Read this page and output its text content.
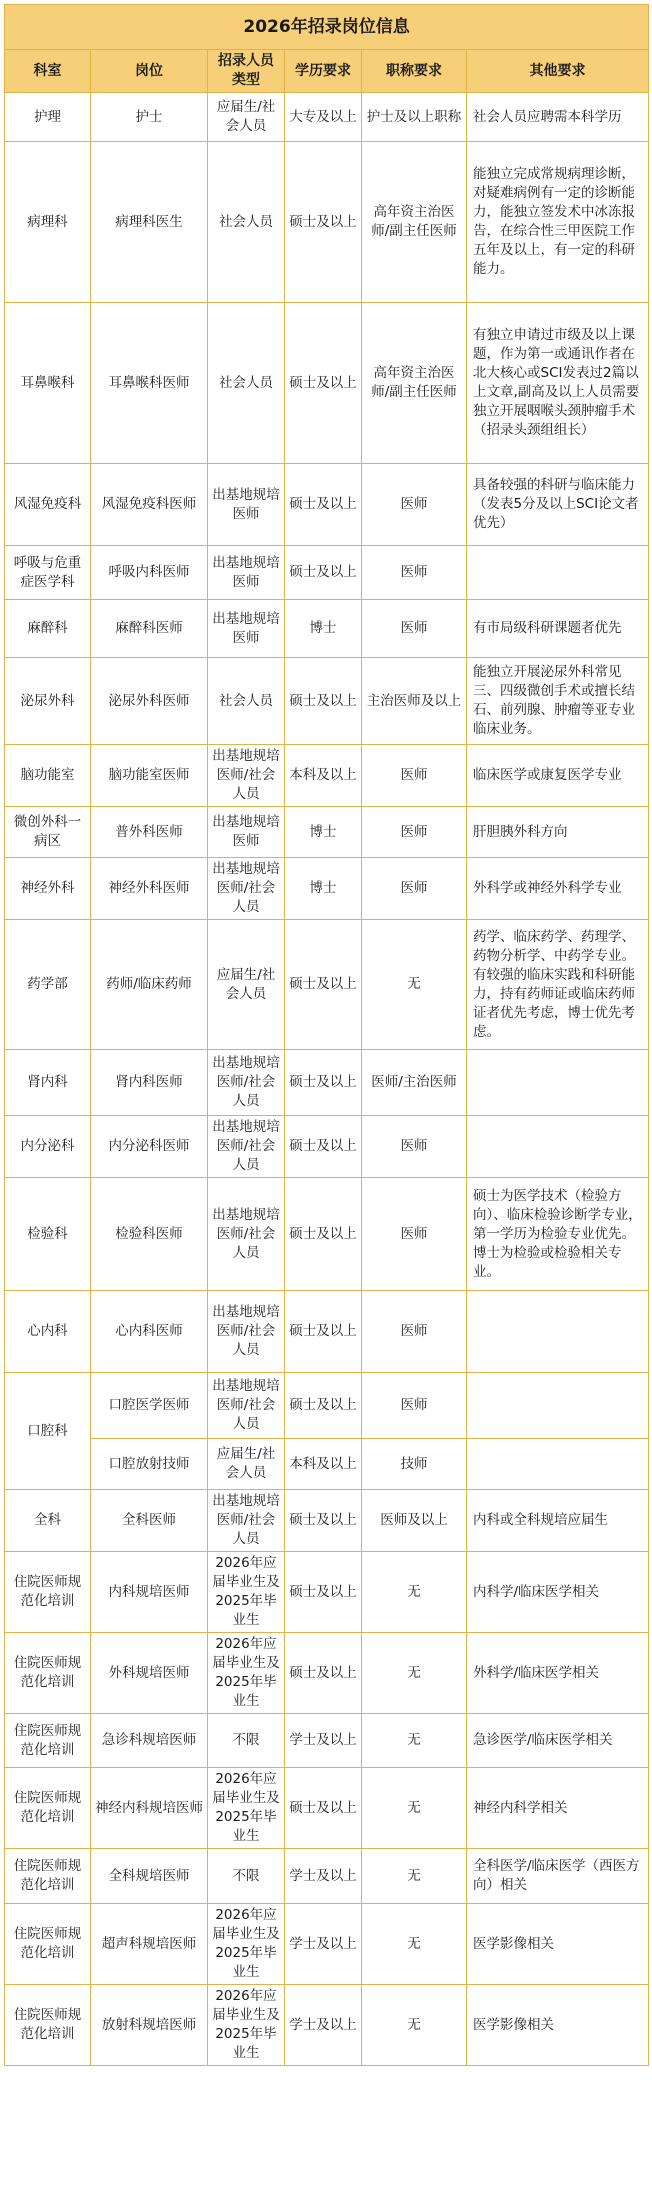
2026年招录岗位信息					
科室	岗位	招录人员类型	学历要求	职称要求	其他要求
护理	护士	应届生/社会人员	大专及以上	护士及以上职称	社会人员应聘需本科学历
病理科	病理科医生	社会人员	硕士及以上	高年资主治医师/副主任医师	能独立完成常规病理诊断，对疑难病例有一定的诊断能力，能独立签发术中冰冻报告，在综合性三甲医院工作五年及以上，有一定的科研能力。
耳鼻喉科	耳鼻喉科医师	社会人员	硕士及以上	高年资主治医师/副主任医师	有独立申请过市级及以上课题，作为第一或通讯作者在北大核心或SCI发表过2篇以上文章,副高及以上人员需要独立开展咽喉头颈肿瘤手术（招录头颈组组长）
风湿免疫科	风湿免疫科医师	出基地规培医师	硕士及以上	医师	具备较强的科研与临床能力（发表5分及以上SCI论文者优先）
呼吸与危重症医学科	呼吸内科医师	出基地规培医师	硕士及以上	医师	
麻醉科	麻醉科医师	出基地规培医师	博士	医师	有市局级科研课题者优先
泌尿外科	泌尿外科医师	社会人员	硕士及以上	主治医师及以上	能独立开展泌尿外科常见三、四级微创手术或擅长结石、前列腺、肿瘤等亚专业临床业务。
脑功能室	脑功能室医师	出基地规培医师/社会人员	本科及以上	医师	临床医学或康复医学专业
微创外科一病区	普外科医师	出基地规培医师	博士	医师	肝胆胰外科方向
神经外科	神经外科医师	出基地规培医师/社会人员	博士	医师	外科学或神经外科学专业
药学部	药师/临床药师	应届生/社会人员	硕士及以上	无	药学、临床药学、药理学、药物分析学、中药学专业。有较强的临床实践和科研能力，持有药师证或临床药师证者优先考虑，博士优先考虑。
肾内科	肾内科医师	出基地规培医师/社会人员	硕士及以上	医师/主治医师	
内分泌科	内分泌科医师	出基地规培医师/社会人员	硕士及以上	医师	
检验科	检验科医师	出基地规培医师/社会人员	硕士及以上	医师	硕士为医学技术（检验方向）、临床检验诊断学专业，第一学历为检验专业优先。博士为检验或检验相关专业。
心内科	心内科医师	出基地规培医师/社会人员	硕士及以上	医师	
口腔科	口腔医学医师	出基地规培医师/社会人员	硕士及以上	医师	
	口腔放射技师	应届生/社会人员	本科及以上	技师	
全科	全科医师	出基地规培医师/社会人员	硕士及以上	医师及以上	内科或全科规培应届生
住院医师规范化培训	内科规培医师	2026年应届毕业生及2025年毕业生	硕士及以上	无	内科学/临床医学相关
住院医师规范化培训	外科规培医师	2026年应届毕业生及2025年毕业生	硕士及以上	无	外科学/临床医学相关
住院医师规范化培训	急诊科规培医师	不限	学士及以上	无	急诊医学/临床医学相关
住院医师规范化培训	神经内科规培医师	2026年应届毕业生及2025年毕业生	硕士及以上	无	神经内科学相关
住院医师规范化培训	全科规培医师	不限	学士及以上	无	全科医学/临床医学（西医方向）相关
住院医师规范化培训	超声科规培医师	2026年应届毕业生及2025年毕业生	学士及以上	无	医学影像相关
住院医师规范化培训	放射科规培医师	2026年应届毕业生及2025年毕业生	学士及以上	无	医学影像相关
